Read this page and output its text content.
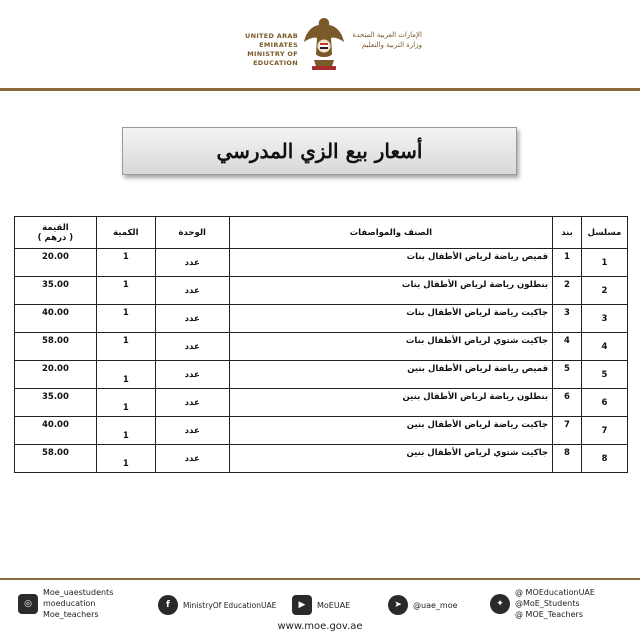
UNITED ARAB EMIRATES
MINISTRY OF EDUCATION
الإمارات العربية المتحدة
وزارة التربية والتعليم
أسعار بيع الزي المدرسي
القيمة
( درهم )	الكمية	الوحدة	الصنف والمواصفات	بند	مسلسل
20.00	1	عدد	قميص رياضة لرياض الأطفال بنات	1	1
35.00	1	عدد	بنطلون رياضة لرياض الأطفال بنات	2	2
40.00	1	عدد	جاكيت رياضة لرياض الأطفال بنات	3	3
58.00	1	عدد	جاكيت شتوي لرياض الأطفال بنات	4	4
20.00	1	عدد	قميص رياضة لرياض الأطفال بنين	5	5
35.00	1	عدد	بنطلون رياضة لرياض الأطفال بنين	6	6
40.00	1	عدد	جاكيت رياضة لرياض الأطفال بنين	7	7
58.00	1	عدد	جاكيت شتوي لرياض الأطفال بنين	8	8
◎
Moe_uaestudents
moeducation
Moe_teachers
f	MinistryOf EducationUAE	▶	MoEUAE	➤	@uae_moe	✦
@ MOEducationUAE
@MoE_Students
@ MOE_Teachers
www.moe.gov.ae
